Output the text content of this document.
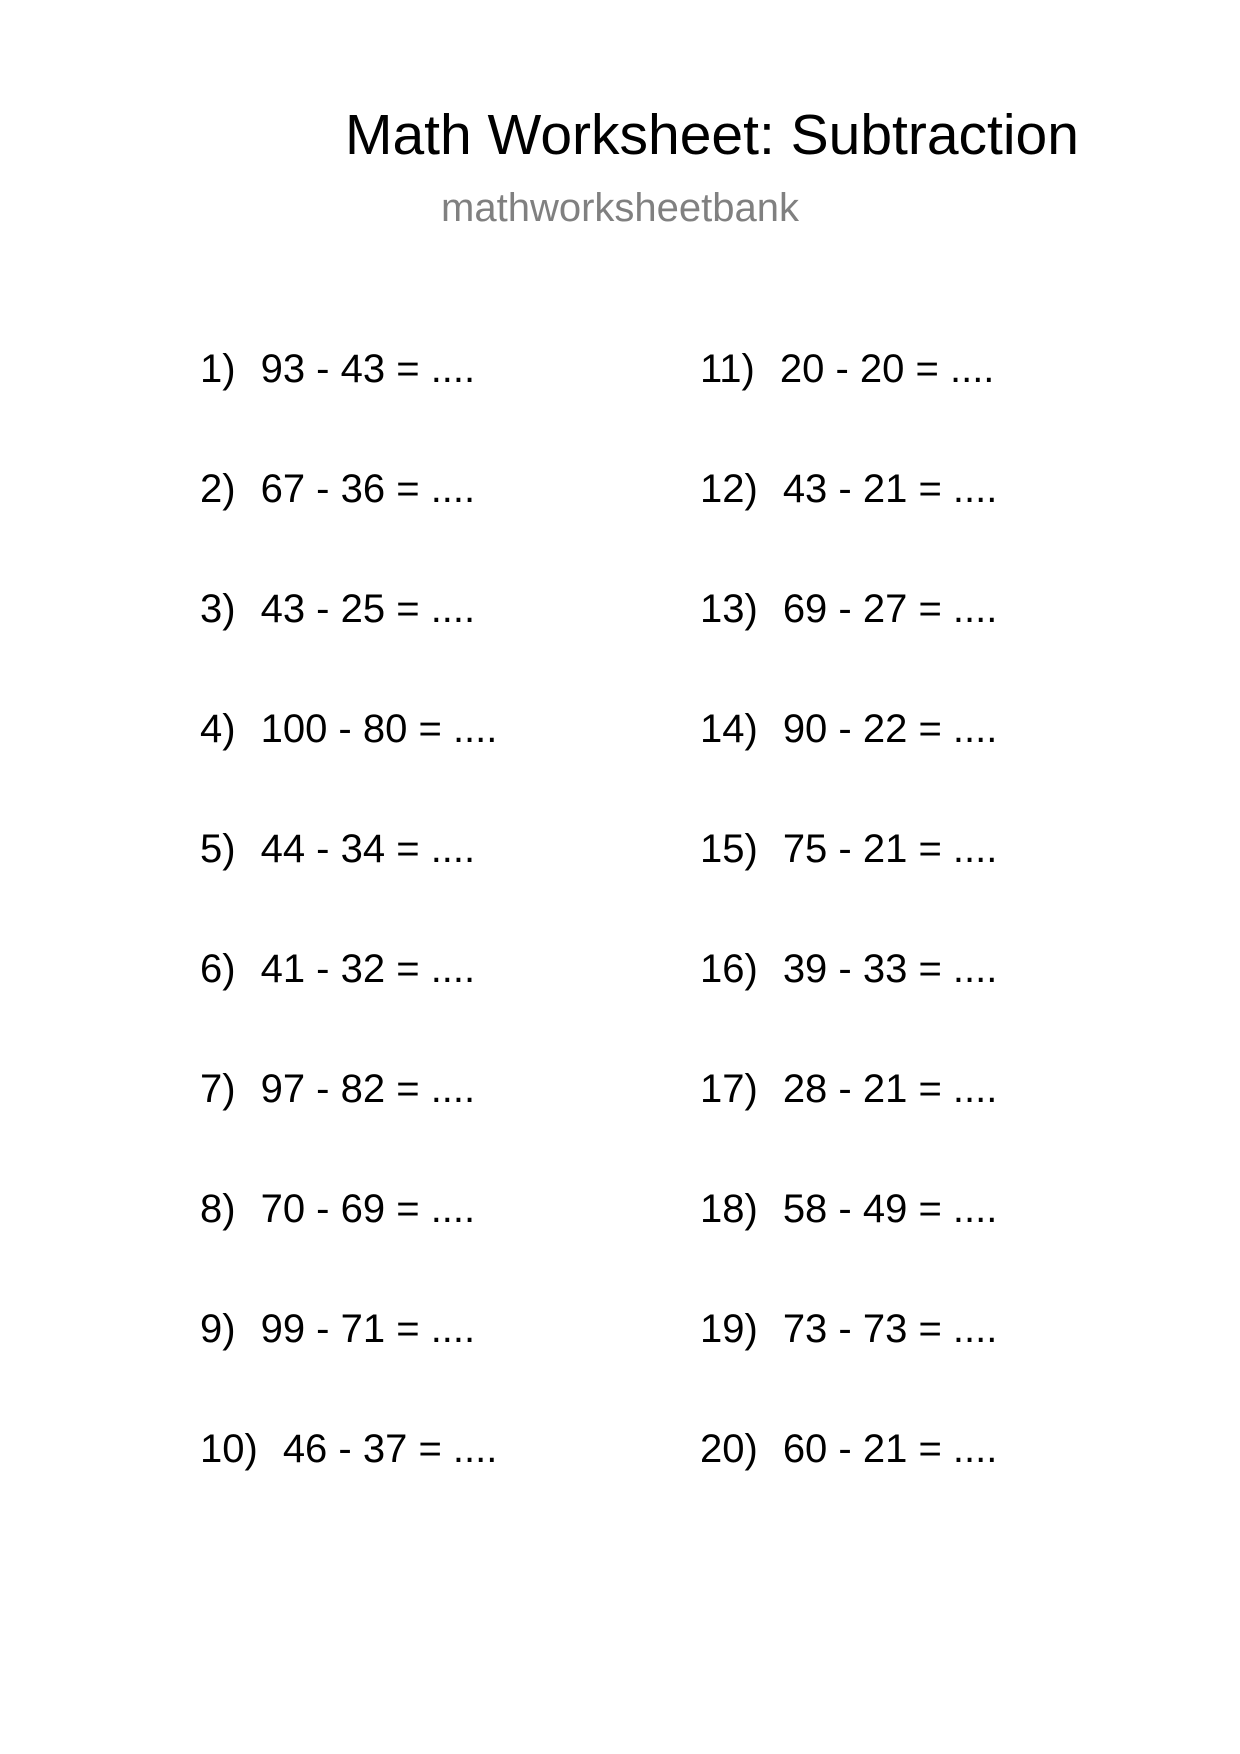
Math Worksheet: Subtraction
mathworksheetbank
1) 93 - 43 = ....
2) 67 - 36 = ....
3) 43 - 25 = ....
4) 100 - 80 = ....
5) 44 - 34 = ....
6) 41 - 32 = ....
7) 97 - 82 = ....
8) 70 - 69 = ....
9) 99 - 71 = ....
10) 46 - 37 = ....
11) 20 - 20 = ....
12) 43 - 21 = ....
13) 69 - 27 = ....
14) 90 - 22 = ....
15) 75 - 21 = ....
16) 39 - 33 = ....
17) 28 - 21 = ....
18) 58 - 49 = ....
19) 73 - 73 = ....
20) 60 - 21 = ....
